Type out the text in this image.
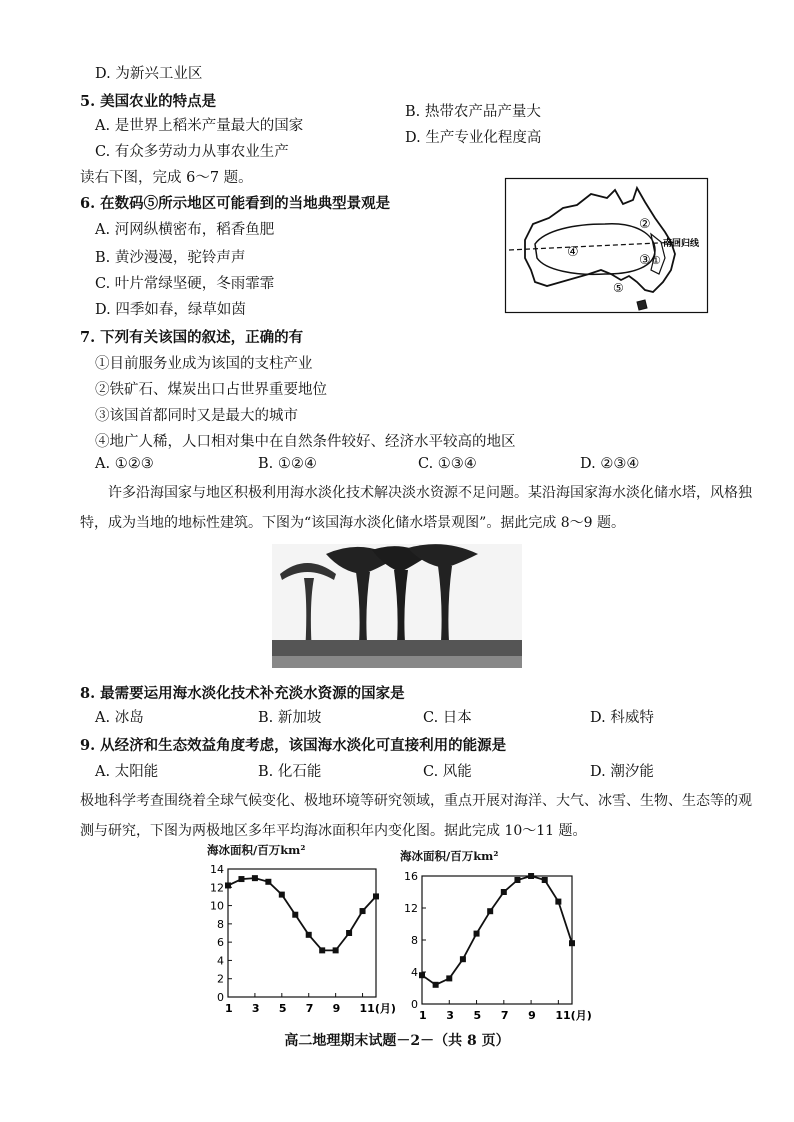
D. 为新兴工业区
5. 美国农业的特点是
A. 是世界上稻米产量最大的国家
B. 热带农产品产量大
C. 有众多劳动力从事农业生产
D. 生产专业化程度高
读右下图，完成 6～7 题。
④
③
②
①
⑤
南回归线
6. 在数码⑤所示地区可能看到的当地典型景观是
A. 河网纵横密布，稻香鱼肥
B. 黄沙漫漫，驼铃声声
C. 叶片常绿坚硬，冬雨霏霏
D. 四季如春，绿草如茵
7. 下列有关该国的叙述，正确的有
①目前服务业成为该国的支柱产业
②铁矿石、煤炭出口占世界重要地位
③该国首都同时又是最大的城市
④地广人稀，人口相对集中在自然条件较好、经济水平较高的地区
A. ①②③	B. ①②④	C. ①③④	D. ②③④
许多沿海国家与地区积极利用海水淡化技术解决淡水资源不足问题。某沿海国家海水淡化储水塔，风格独特，成为当地的地标性建筑。下图为“该国海水淡化储水塔景观图”。据此完成 8～9 题。
8. 最需要运用海水淡化技术补充淡水资源的国家是
A. 冰岛	B. 新加坡	C. 日本	D. 科威特
9. 从经济和生态效益角度考虑，该国海水淡化可直接利用的能源是
A. 太阳能	B. 化石能	C. 风能	D. 潮汐能
极地科学考查围绕着全球气候变化、极地环境等研究领域，重点开展对海洋、大气、冰雪、生物、生态等的观测与研究，下图为两极地区多年平均海冰面积年内变化图。据此完成 10～11 题。
海冰面积/百万km²
0
2
4
6
8
10
12
14
1 3 5 7 9 11(月)
海冰面积/百万km²
0
4
8
12
16
1 3 5 7 9 11(月)
高二地理期末试题－2－（共 8 页）
